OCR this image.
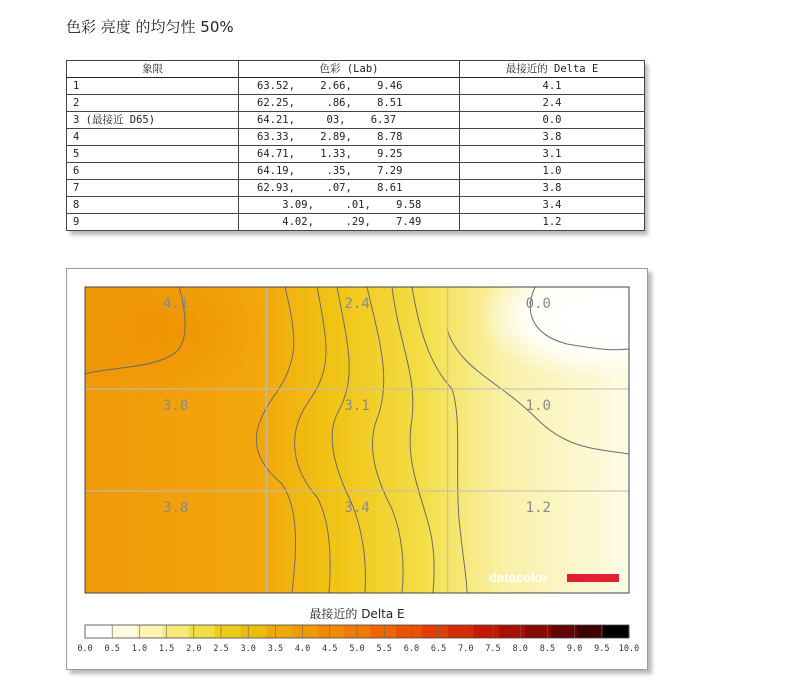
色彩 亮度 的均匀性 50%
象限	色彩 (Lab)	最接近的 Delta E
1	63.52,    2.66,    9.46	4.1
2	62.25,     .86,    8.51	2.4
3 (最接近 D65)	64.21,     03,    6.37	0.0
4	63.33,    2.89,    8.78	3.8
5	64.71,    1.33,    9.25	3.1
6	64.19,     .35,    7.29	1.0
7	62.93,     .07,    8.61	3.8
8	3.09,     .01,    9.58	3.4
9	4.02,     .29,    7.49	1.2
4.1	2.4	0.0
3.8	3.1	1.0
3.8	3.4	1.2
datacolor
最接近的 Delta E
0.0 0.5 1.0 1.5 2.0 2.5 3.0 3.5 4.0 4.5 5.0 5.5 6.0 6.5 7.0 7.5 8.0 8.5 9.0 9.5 10.0
